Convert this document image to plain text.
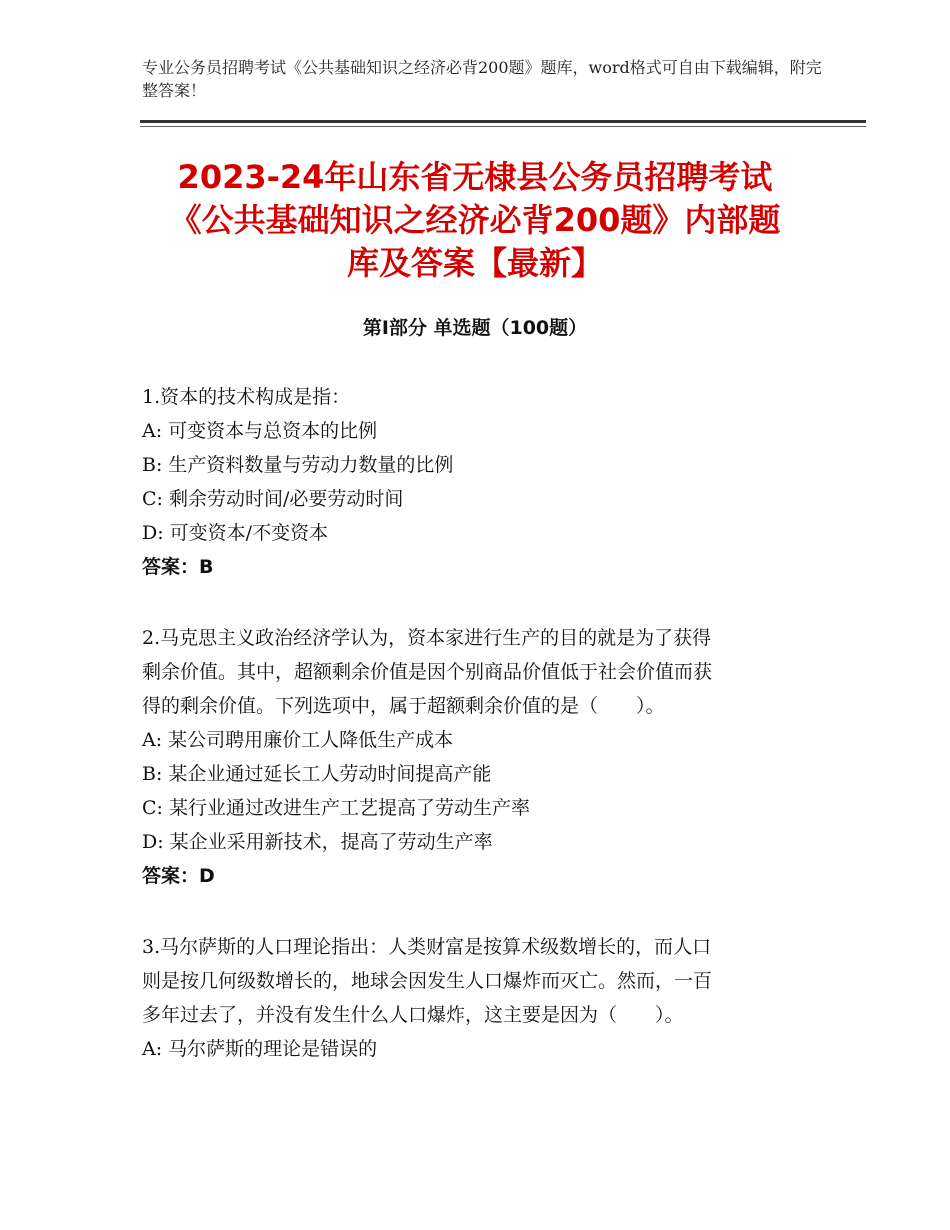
专业公务员招聘考试《公共基础知识之经济必背200题》题库，word格式可自由下载编辑，附完整答案！
2023-24年山东省无棣县公务员招聘考试
《公共基础知识之经济必背200题》内部题
库及答案【最新】
第Ⅰ部分 单选题（100题）

1.资本的技术构成是指：

A: 可变资本与总资本的比例

B: 生产资料数量与劳动力数量的比例

C: 剩余劳动时间/必要劳动时间

D: 可变资本/不变资本

答案：B

2.马克思主义政治经济学认为，资本家进行生产的目的就是为了获得

剩余价值。其中，超额剩余价值是因个别商品价值低于社会价值而获

得的剩余价值。下列选项中，属于超额剩余价值的是（　　）。

A: 某公司聘用廉价工人降低生产成本

B: 某企业通过延长工人劳动时间提高产能

C: 某行业通过改进生产工艺提高了劳动生产率

D: 某企业采用新技术，提高了劳动生产率

答案：D

3.马尔萨斯的人口理论指出：人类财富是按算术级数增长的，而人口

则是按几何级数增长的，地球会因发生人口爆炸而灭亡。然而，一百

多年过去了，并没有发生什么人口爆炸，这主要是因为（　　）。

A: 马尔萨斯的理论是错误的
